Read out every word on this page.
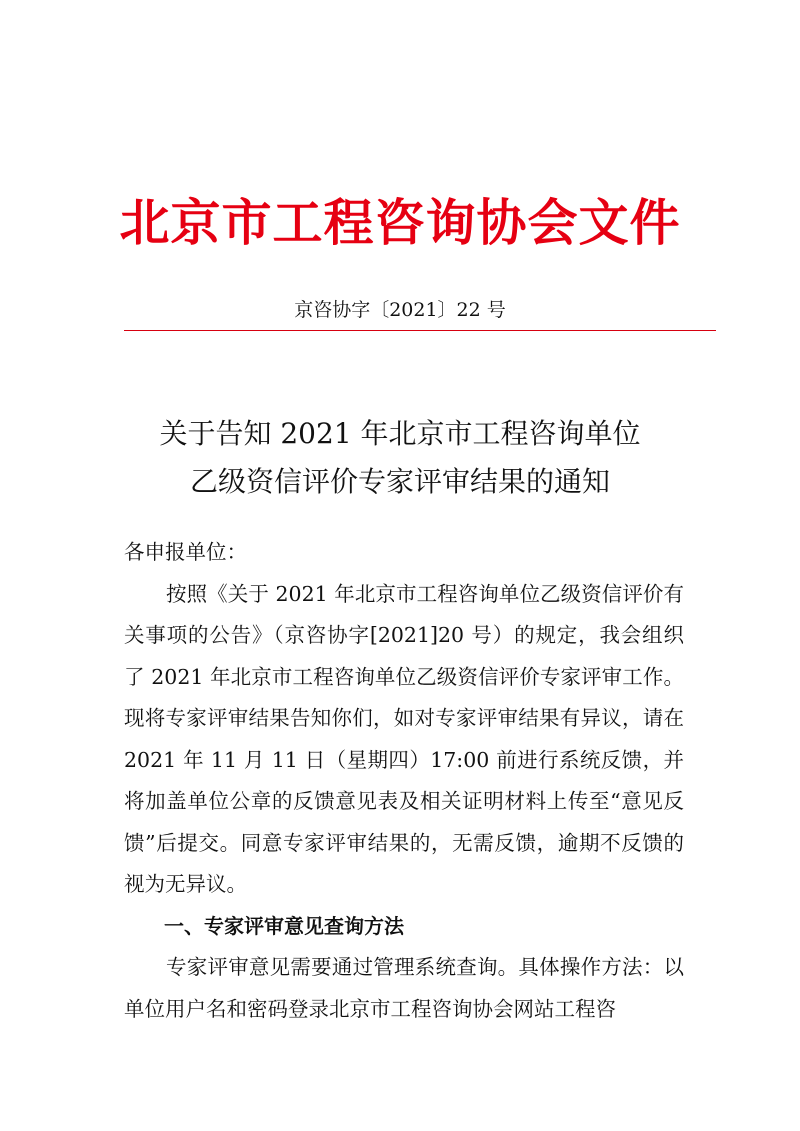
北京市工程咨询协会文件
京咨协字〔2021〕22 号
关于告知 2021 年北京市工程咨询单位
乙级资信评价专家评审结果的通知

各申报单位：

按照《关于 2021 年北京市工程咨询单位乙级资信评价有关事项的公告》（京咨协字[2021]20 号）的规定，我会组织了 2021 年北京市工程咨询单位乙级资信评价专家评审工作。现将专家评审结果告知你们，如对专家评审结果有异议，请在 2021 年 11 月 11 日（星期四）17:00 前进行系统反馈，并将加盖单位公章的反馈意见表及相关证明材料上传至“意见反馈”后提交。同意专家评审结果的，无需反馈，逾期不反馈的视为无异议。

一、专家评审意见查询方法

专家评审意见需要通过管理系统查询。具体操作方法：以单位用户名和密码登录北京市工程咨询协会网站工程咨
